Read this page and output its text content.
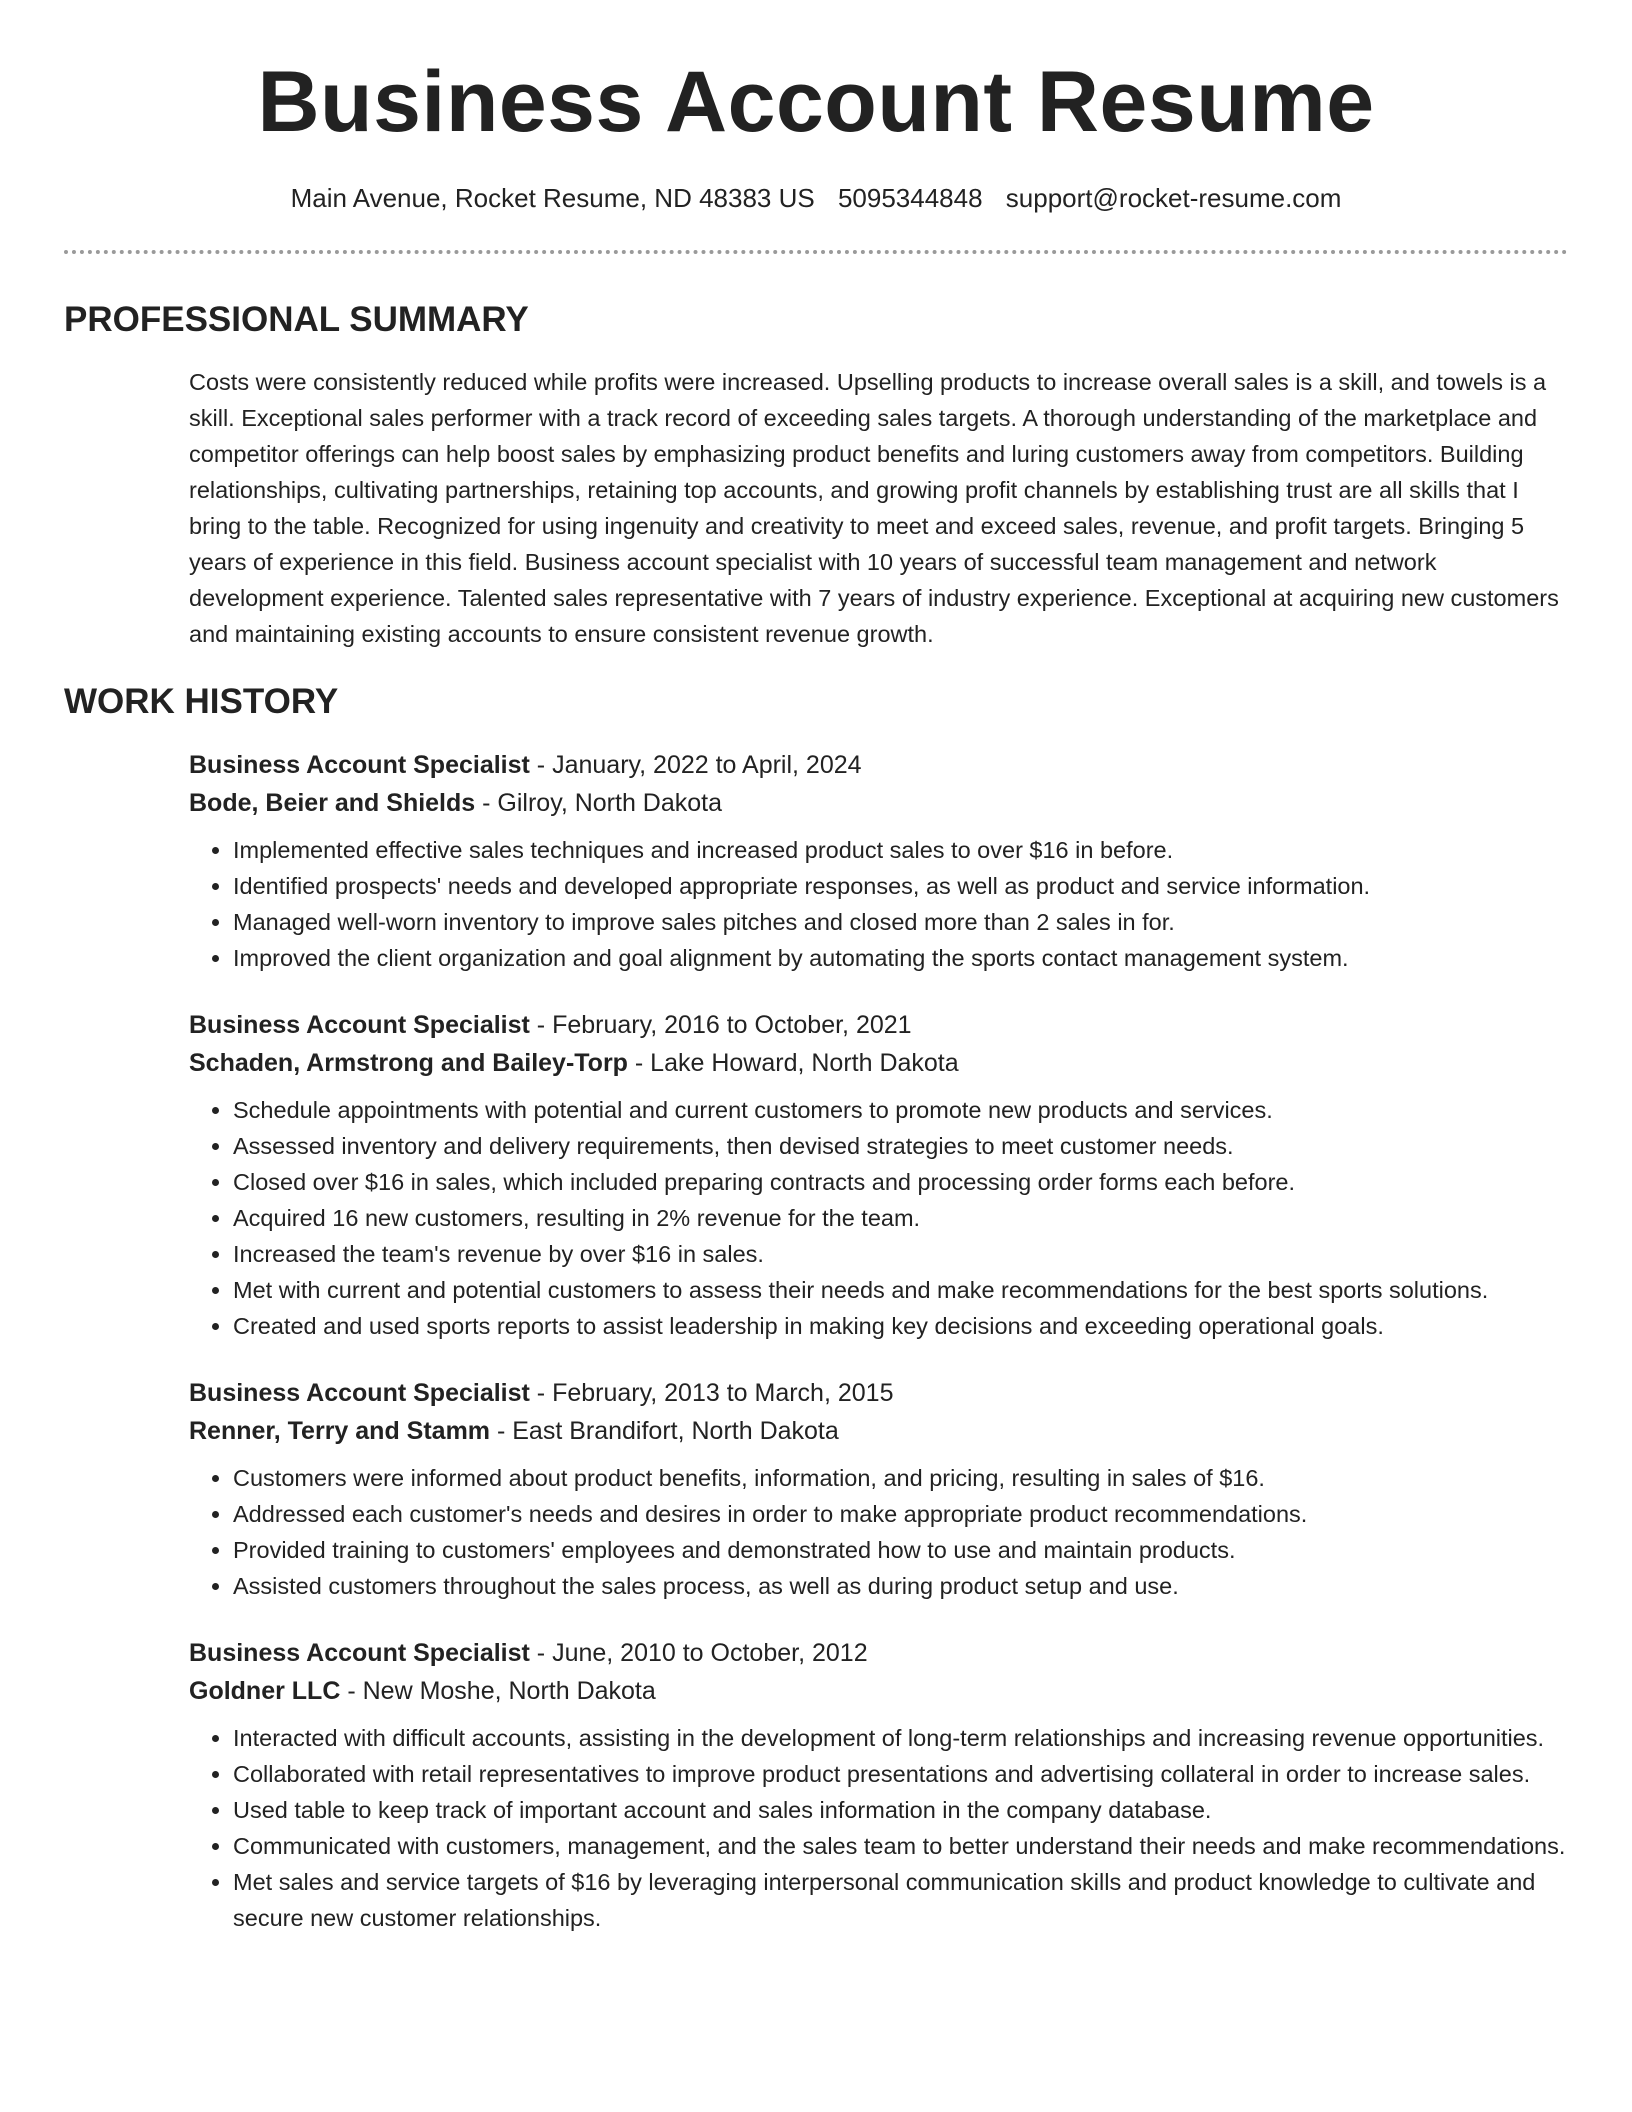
Business Account Resume
Main Avenue, Rocket Resume, ND 48383 US 5095344848 support@rocket-resume.com
PROFESSIONAL SUMMARY

Costs were consistently reduced while profits were increased. Upselling products to increase overall sales is a skill, and towels is a skill. Exceptional sales performer with a track record of exceeding sales targets. A thorough understanding of the marketplace and competitor offerings can help boost sales by emphasizing product benefits and luring customers away from competitors. Building relationships, cultivating partnerships, retaining top accounts, and growing profit channels by establishing trust are all skills that I bring to the table. Recognized for using ingenuity and creativity to meet and exceed sales, revenue, and profit targets. Bringing 5 years of experience in this field. Business account specialist with 10 years of successful team management and network development experience. Talented sales representative with 7 years of industry experience. Exceptional at acquiring new customers and maintaining existing accounts to ensure consistent revenue growth.

WORK HISTORY

Business Account Specialist - January, 2022 to April, 2024

Bode, Beier and Shields - Gilroy, North Dakota

• Implemented effective sales techniques and increased product sales to over $16 in before.
• Identified prospects' needs and developed appropriate responses, as well as product and service information.
• Managed well-worn inventory to improve sales pitches and closed more than 2 sales in for.
• Improved the client organization and goal alignment by automating the sports contact management system.

Business Account Specialist - February, 2016 to October, 2021

Schaden, Armstrong and Bailey-Torp - Lake Howard, North Dakota

• Schedule appointments with potential and current customers to promote new products and services.
• Assessed inventory and delivery requirements, then devised strategies to meet customer needs.
• Closed over $16 in sales, which included preparing contracts and processing order forms each before.
• Acquired 16 new customers, resulting in 2% revenue for the team.
• Increased the team's revenue by over $16 in sales.
• Met with current and potential customers to assess their needs and make recommendations for the best sports solutions.
• Created and used sports reports to assist leadership in making key decisions and exceeding operational goals.

Business Account Specialist - February, 2013 to March, 2015

Renner, Terry and Stamm - East Brandifort, North Dakota

• Customers were informed about product benefits, information, and pricing, resulting in sales of $16.
• Addressed each customer's needs and desires in order to make appropriate product recommendations.
• Provided training to customers' employees and demonstrated how to use and maintain products.
• Assisted customers throughout the sales process, as well as during product setup and use.

Business Account Specialist - June, 2010 to October, 2012

Goldner LLC - New Moshe, North Dakota

• Interacted with difficult accounts, assisting in the development of long-term relationships and increasing revenue opportunities.
• Collaborated with retail representatives to improve product presentations and advertising collateral in order to increase sales.
• Used table to keep track of important account and sales information in the company database.
• Communicated with customers, management, and the sales team to better understand their needs and make recommendations.
• Met sales and service targets of $16 by leveraging interpersonal communication skills and product knowledge to cultivate and secure new customer relationships.
